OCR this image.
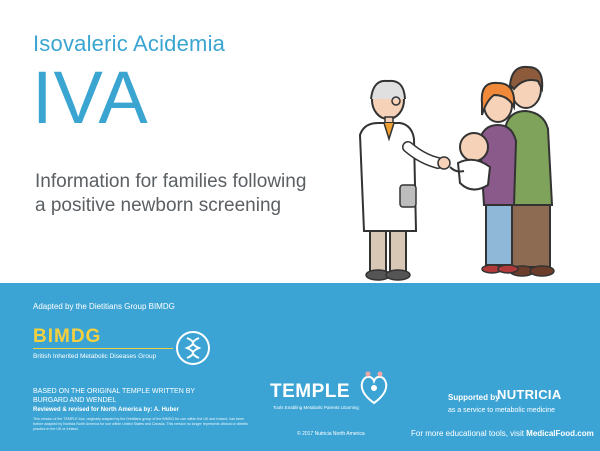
Isovaleric Acidemia
IVA
Information for families following
a positive newborn screening
Adapted by the Dietitians Group BIMDG
BIMDG
British Inherited Metabolic Diseases Group
BASED ON THE ORIGINAL TEMPLE WRITTEN BY
BURGARD AND WENDEL
Reviewed & revised for North America by: A. Huber
This version of the TEMPLE tool, originally adapted by the Dietitians group of the BIMDG for use within the UK and Ireland, has been further adapted by Nutricia North America for use within United States and Canada. This version no longer represents clinical or dietetic practice in the UK or Ireland.
TEMPLE
Tools Enabling Metabolic Parents LEarning
© 2017 Nutricia North America
Supported by
NUTRICIA
as a service to metabolic medicine
For more educational tools, visit MedicalFood.com
